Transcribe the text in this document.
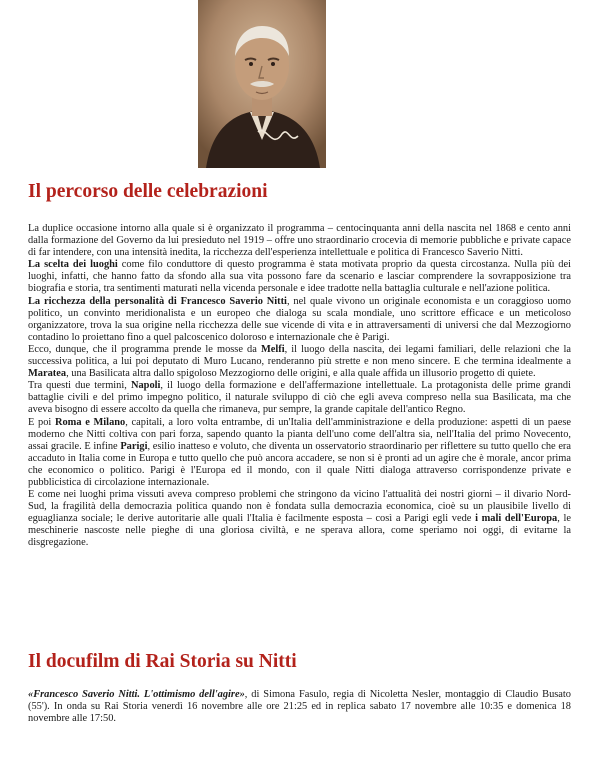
Il percorso delle celebrazioni

La duplice occasione intorno alla quale si è organizzato il programma – centocinquanta anni della nascita nel 1868 e cento anni dalla formazione del Governo da lui presieduto nel 1919 – offre uno straordinario crocevia di memorie pubbliche e private capace di far intendere, con una intensità inedita, la ricchezza dell'esperienza intellettuale e politica di Francesco Saverio Nitti.

La scelta dei luoghi come filo conduttore di questo programma è stata motivata proprio da questa circostanza. Nulla più dei luoghi, infatti, che hanno fatto da sfondo alla sua vita possono fare da scenario e lasciar comprendere la sovrapposizione tra biografia e storia, tra sentimenti maturati nella vicenda personale e idee tradotte nella battaglia culturale e nell'azione politica.

La ricchezza della personalità di Francesco Saverio Nitti, nel quale vivono un originale economista e un coraggioso uomo politico, un convinto meridionalista e un europeo che dialoga su scala mondiale, uno scrittore efficace e un meticoloso organizzatore, trova la sua origine nella ricchezza delle sue vicende di vita e in attraversamenti di universi che dal Mezzogiorno contadino lo proiettano fino a quel palcoscenico doloroso e internazionale che è Parigi.

Ecco, dunque, che il programma prende le mosse da Melfi, il luogo della nascita, dei legami familiari, delle relazioni che la successiva politica, a lui poi deputato di Muro Lucano, renderanno più strette e non meno sincere. E che termina idealmente a Maratea, una Basilicata altra dallo spigoloso Mezzogiorno delle origini, e alla quale affida un illusorio progetto di quiete.

Tra questi due termini, Napoli, il luogo della formazione e dell'affermazione intellettuale. La protagonista delle prime grandi battaglie civili e del primo impegno politico, il naturale sviluppo di ciò che egli aveva compreso nella sua Basilicata, ma che aveva bisogno di essere accolto da quella che rimaneva, pur sempre, la grande capitale dell'antico Regno.

E poi Roma e Milano, capitali, a loro volta entrambe, di un'Italia dell'amministrazione e della produzione: aspetti di un paese moderno che Nitti coltiva con pari forza, sapendo quanto la pianta dell'uno come dell'altra sia, nell'Italia del primo Novecento, assai gracile. E infine Parigi, esilio inatteso e voluto, che diventa un osservatorio straordinario per riflettere su tutto quello che era accaduto in Italia come in Europa e tutto quello che può ancora accadere, se non si è pronti ad un agire che è morale, ancor prima che economico o politico. Parigi è l'Europa ed il mondo, con il quale Nitti dialoga attraverso corrispondenze private e pubblicistica di circolazione internazionale.

E come nei luoghi prima vissuti aveva compreso problemi che stringono da vicino l'attualità dei nostri giorni – il divario Nord-Sud, la fragilità della democrazia politica quando non è fondata sulla democrazia economica, cioè su un plausibile livello di eguaglianza sociale; le derive autoritarie alle quali l'Italia è facilmente esposta – così a Parigi egli vede i mali dell'Europa, le meschinerie nascoste nelle pieghe di una gloriosa civiltà, e ne sperava allora, come speriamo noi oggi, di evitarne la disgregazione.

Il docufilm di Rai Storia su Nitti

«Francesco Saverio Nitti. L'ottimismo dell'agire», di Simona Fasulo, regia di Nicoletta Nesler, montaggio di Claudio Busato (55'). In onda su Rai Storia venerdì 16 novembre alle ore 21:25 ed in replica sabato 17 novembre alle 10:35 e domenica 18 novembre alle 17:50.
